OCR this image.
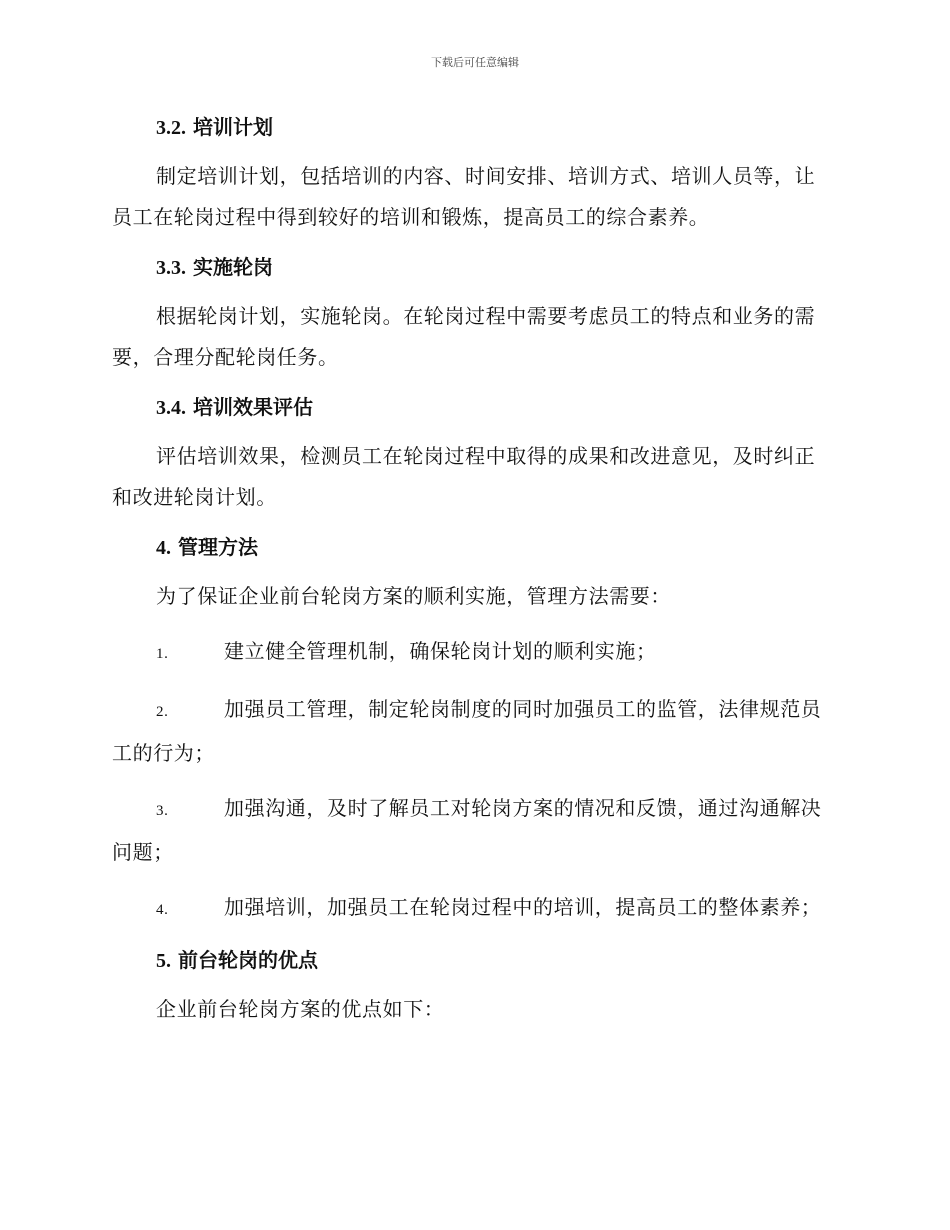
下载后可任意编辑

3.2. 培训计划

制定培训计划，包括培训的内容、时间安排、培训方式、培训人员等，让员工在轮岗过程中得到较好的培训和锻炼，提高员工的综合素养。

3.3. 实施轮岗

根据轮岗计划，实施轮岗。在轮岗过程中需要考虑员工的特点和业务的需要，合理分配轮岗任务。

3.4. 培训效果评估

评估培训效果，检测员工在轮岗过程中取得的成果和改进意见，及时纠正和改进轮岗计划。

4. 管理方法

为了保证企业前台轮岗方案的顺利实施，管理方法需要：

1.	建立健全管理机制，确保轮岗计划的顺利实施；

2.	加强员工管理，制定轮岗制度的同时加强员工的监管，法律规范员工的行为；

3.	加强沟通，及时了解员工对轮岗方案的情况和反馈，通过沟通解决问题；

4.	加强培训，加强员工在轮岗过程中的培训，提高员工的整体素养；

5. 前台轮岗的优点

企业前台轮岗方案的优点如下：
